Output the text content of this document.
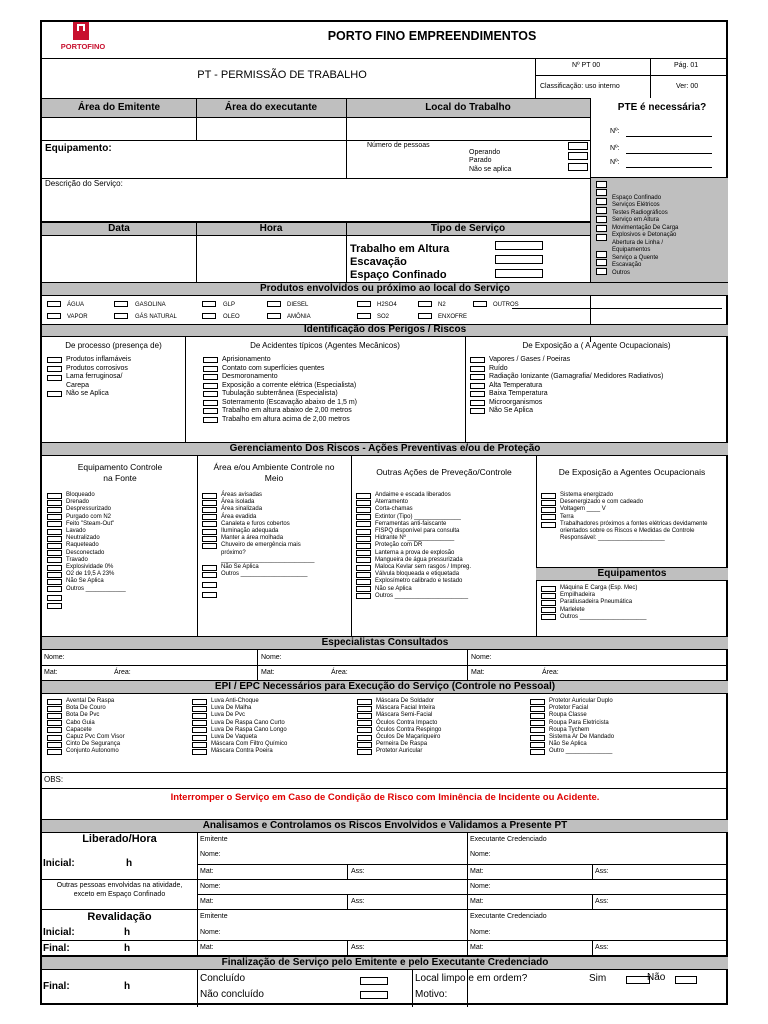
PORTOFINO
PORTO FINO EMPREENDIMENTOS
PT - PERMISSÃO DE TRABALHO
Nº PT 00	Pág. 01
Classificação: uso interno	Ver: 00
Área do Emitente	Área do executante	Local do Trabalho	PTE é necessária?
Nº:
Nº:
Nº:
Espaço Confinado
Serviços Elétricos
Testes Radiográficos
Serviço em Altura
Movimentação De Carga
Explosivos e Detonação
Abertura de Linha / Equipamentos
Serviço a Quente
Escavação
Outros
Equipamento:	Número de pessoas
Operando
Parado
Não se aplica
Descrição do Serviço:
Data	Hora	Tipo de Serviço
Trabalho em Altura
Escavação
Espaço Confinado
Produtos envolvidos ou próximo ao local do Serviço
ÁGUA	GASOLINA	GLP	DIESEL	H2SO4	N2	OUTROS
VAPOR	GÁS NATURAL	OLEO	AMÔNIA	SO2	ENXOFRE
Identificação dos Perigos / Riscos
De processo (presença de)	De Acidentes típicos (Agentes Mecânicos)	De Exposição a ( A Agente Ocupacionais)
Produtos inflamáveis
Produtos corrosivos
Lama ferruginosa/ Carepa
Não se Aplica
Aprisionamento
Contato com superfícies quentes
Desmoronamento
Exposição a corrente elétrica (Especialista)
Tubulação subterrânea (Especialista)
Soterramento (Escavação abaixo de 1,5 m)
Trabalho em altura abaixo de 2,00 metros
Trabalho em altura acima de 2,00 metros
Vapores / Gases / Poeiras
Ruído
Radiação Ionizante (Gamagrafia/ Medidores Radiativos)
Alta Temperatura
Baixa Temperatura
Microorganismos
Não Se Aplica
Gerenciamento Dos Riscos - Ações Preventivas e/ou de Proteção
Equipamento Controle na Fonte
Área e/ou Ambiente Controle no Meio
Outras Ações de Preveção/Controle	De Exposição a Agentes Ocupacionais
Bloqueado
Drenado
Despressurizado
Purgado com N2
Feito "Steam-Out"
Lavado
Neutralizado
Raqueteado
Desconectado
Travado
Explosividade 0%
O2 de 19,5 A 23%
Não Se Aplica
Outros ____________
Áreas avisadas
Área isolada
Área sinalizada
Área evadida
Canaleta e furos cobertos
Iluminação adequada
Manter a área molhada
Chuveiro de emergência mais próximo?
____________________________
Não Se Aplica
Outros ____________________
Andaime e escada liberados
Aterramento
Corta-chamas
Extintor (Tipo) ______________
Ferramentas anti-faiscante
FISPQ disponível para consulta
Hidrante Nº ______________
Proteção com DR
Lanterna a prova de explosão
Mangueira de água pressurizada
Maloca Kevlar sem rasgos / Impreg.
Válvula bloqueada e etiquetada
Explosímetro calibrado e testado
Não se Aplica
Outros ______________________
Sistema energizado
Desenergizado e com cadeado
Voltagem ____ V
Terra
Trabalhadores próximos a fontes elétricas devidamente orientados sobre os Riscos e Medidas de Controle
Responsável: ____________________
Equipamentos
Máquina E Carga (Esp. Mec)
Empilhadeira
Paratiusadeira Pneumática
Marlelete
Outros ____________________
Especialistas Consultados
Nome:	Nome:	Nome:
Mat:	Área:	Mat:	Área:	Mat:	Área:
EPI / EPC Necessários para Execução do Serviço (Controle no Pessoal)
Avental De Raspa
Bota De Couro
Bota De Pvc
Cabo Guia
Capacete
Capuz Pvc Com Visor
Cinto De Segurança
Conjunto Autonomo
Luva Anti-Choque
Luva De Malha
Luva De Pvc
Luva De Raspa Cano Curto
Luva De Raspa Cano Longo
Luva De Vaqueta
Máscara Com Filtro Químico
Máscara Contra Poeira
Máscara De Soldador
Máscara Facial Inteira
Máscara Semi-Facial
Óculos Contra Impacto
Óculos Contra Respingo
Óculos De Maçariqueiro
Perneira De Raspa
Protetor Auricular
Protetor Auricular Duplo
Protetor Facial
Roupa Classe
Roupa Para Eletricista
Roupa Tychem
Sistema Ar De Mandado
Não Se Aplica
Outro ______________
OBS:
Interromper o Serviço em Caso de Condição de Risco com Iminência de Incidente ou Acidente.
Analisamos e Controlamos os Riscos Envolvidos e Validamos a Presente PT
Liberado/Hora
Inicial:	h
Emitente	Executante Credenciado
Nome:	Nome:
Mat:	Ass:	Mat:	Ass:
Outras pessoas envolvidas na atividade, exceto em Espaço Confinado
Nome:	Nome:
Mat:	Ass:	Mat:	Ass:
Revalidação
Inicial:	h
Final:	h
Emitente	Executante Credenciado
Nome:	Nome:
Mat:	Ass:	Mat:	Ass:
Finalização de Serviço pelo Emitente e pelo Executante Credenciado
Final:	h
Concluído
Não concluído
Local limpo e em ordem?	Sim	Não
Motivo:
